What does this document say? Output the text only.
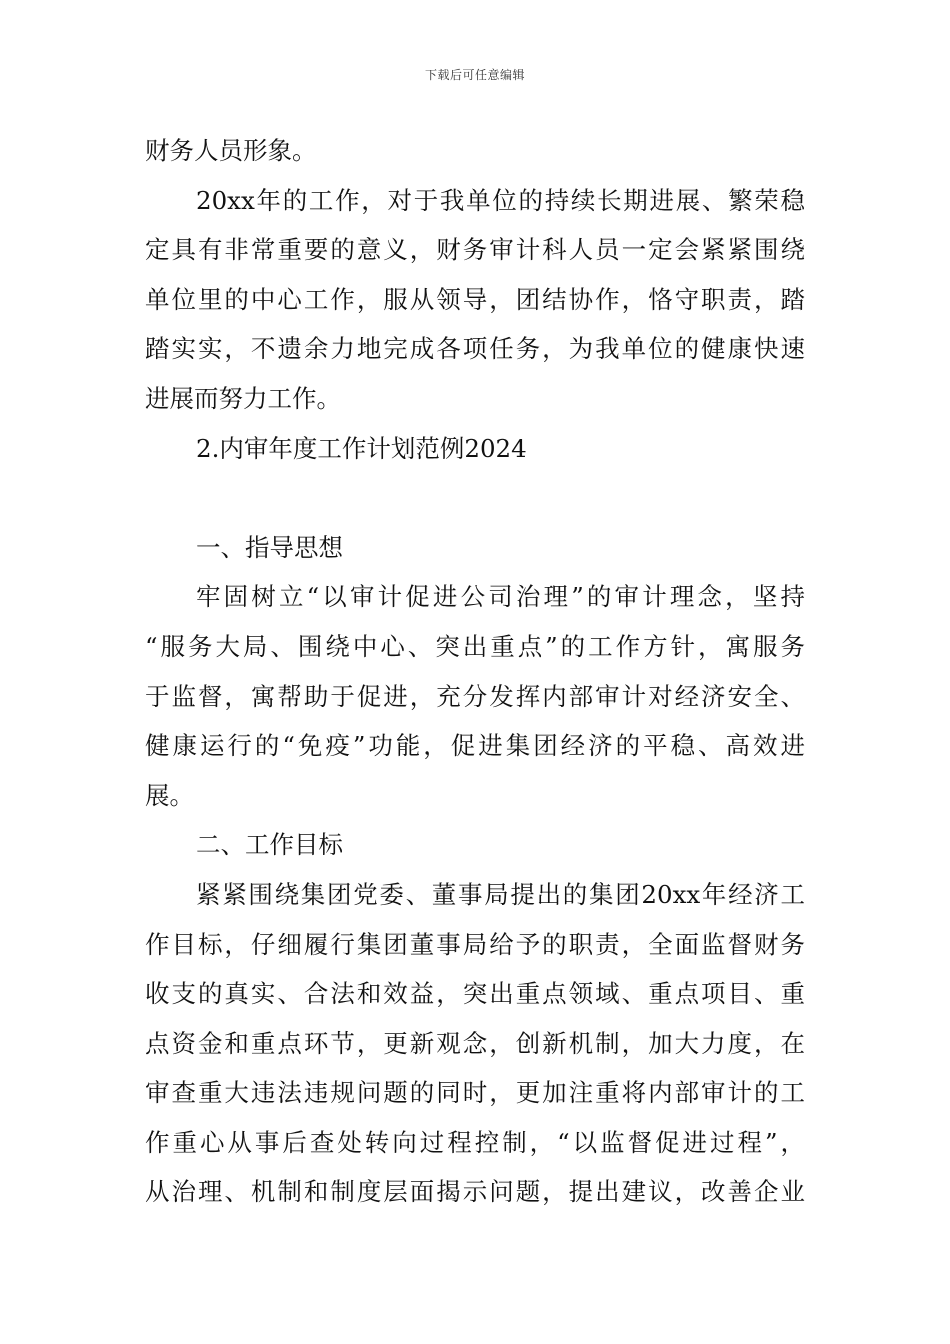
下载后可任意编辑
财务人员形象。
20xx年的工作，对于我单位的持续长期进展、繁荣稳
定具有非常重要的意义，财务审计科人员一定会紧紧围绕
单位里的中心工作，服从领导，团结协作，恪守职责，踏
踏实实，不遗余力地完成各项任务，为我单位的健康快速
进展而努力工作。
2.内审年度工作计划范例2024
一、指导思想
牢固树立“以审计促进公司治理”的审计理念，坚持
“服务大局、围绕中心、突出重点”的工作方针，寓服务
于监督，寓帮助于促进，充分发挥内部审计对经济安全、
健康运行的“免疫”功能，促进集团经济的平稳、高效进
展。
二、工作目标
紧紧围绕集团党委、董事局提出的集团20xx年经济工
作目标，仔细履行集团董事局给予的职责，全面监督财务
收支的真实、合法和效益，突出重点领域、重点项目、重
点资金和重点环节，更新观念，创新机制，加大力度，在
审查重大违法违规问题的同时，更加注重将内部审计的工
作重心从事后查处转向过程控制，“以监督促进过程”，
从治理、机制和制度层面揭示问题，提出建议，改善企业
